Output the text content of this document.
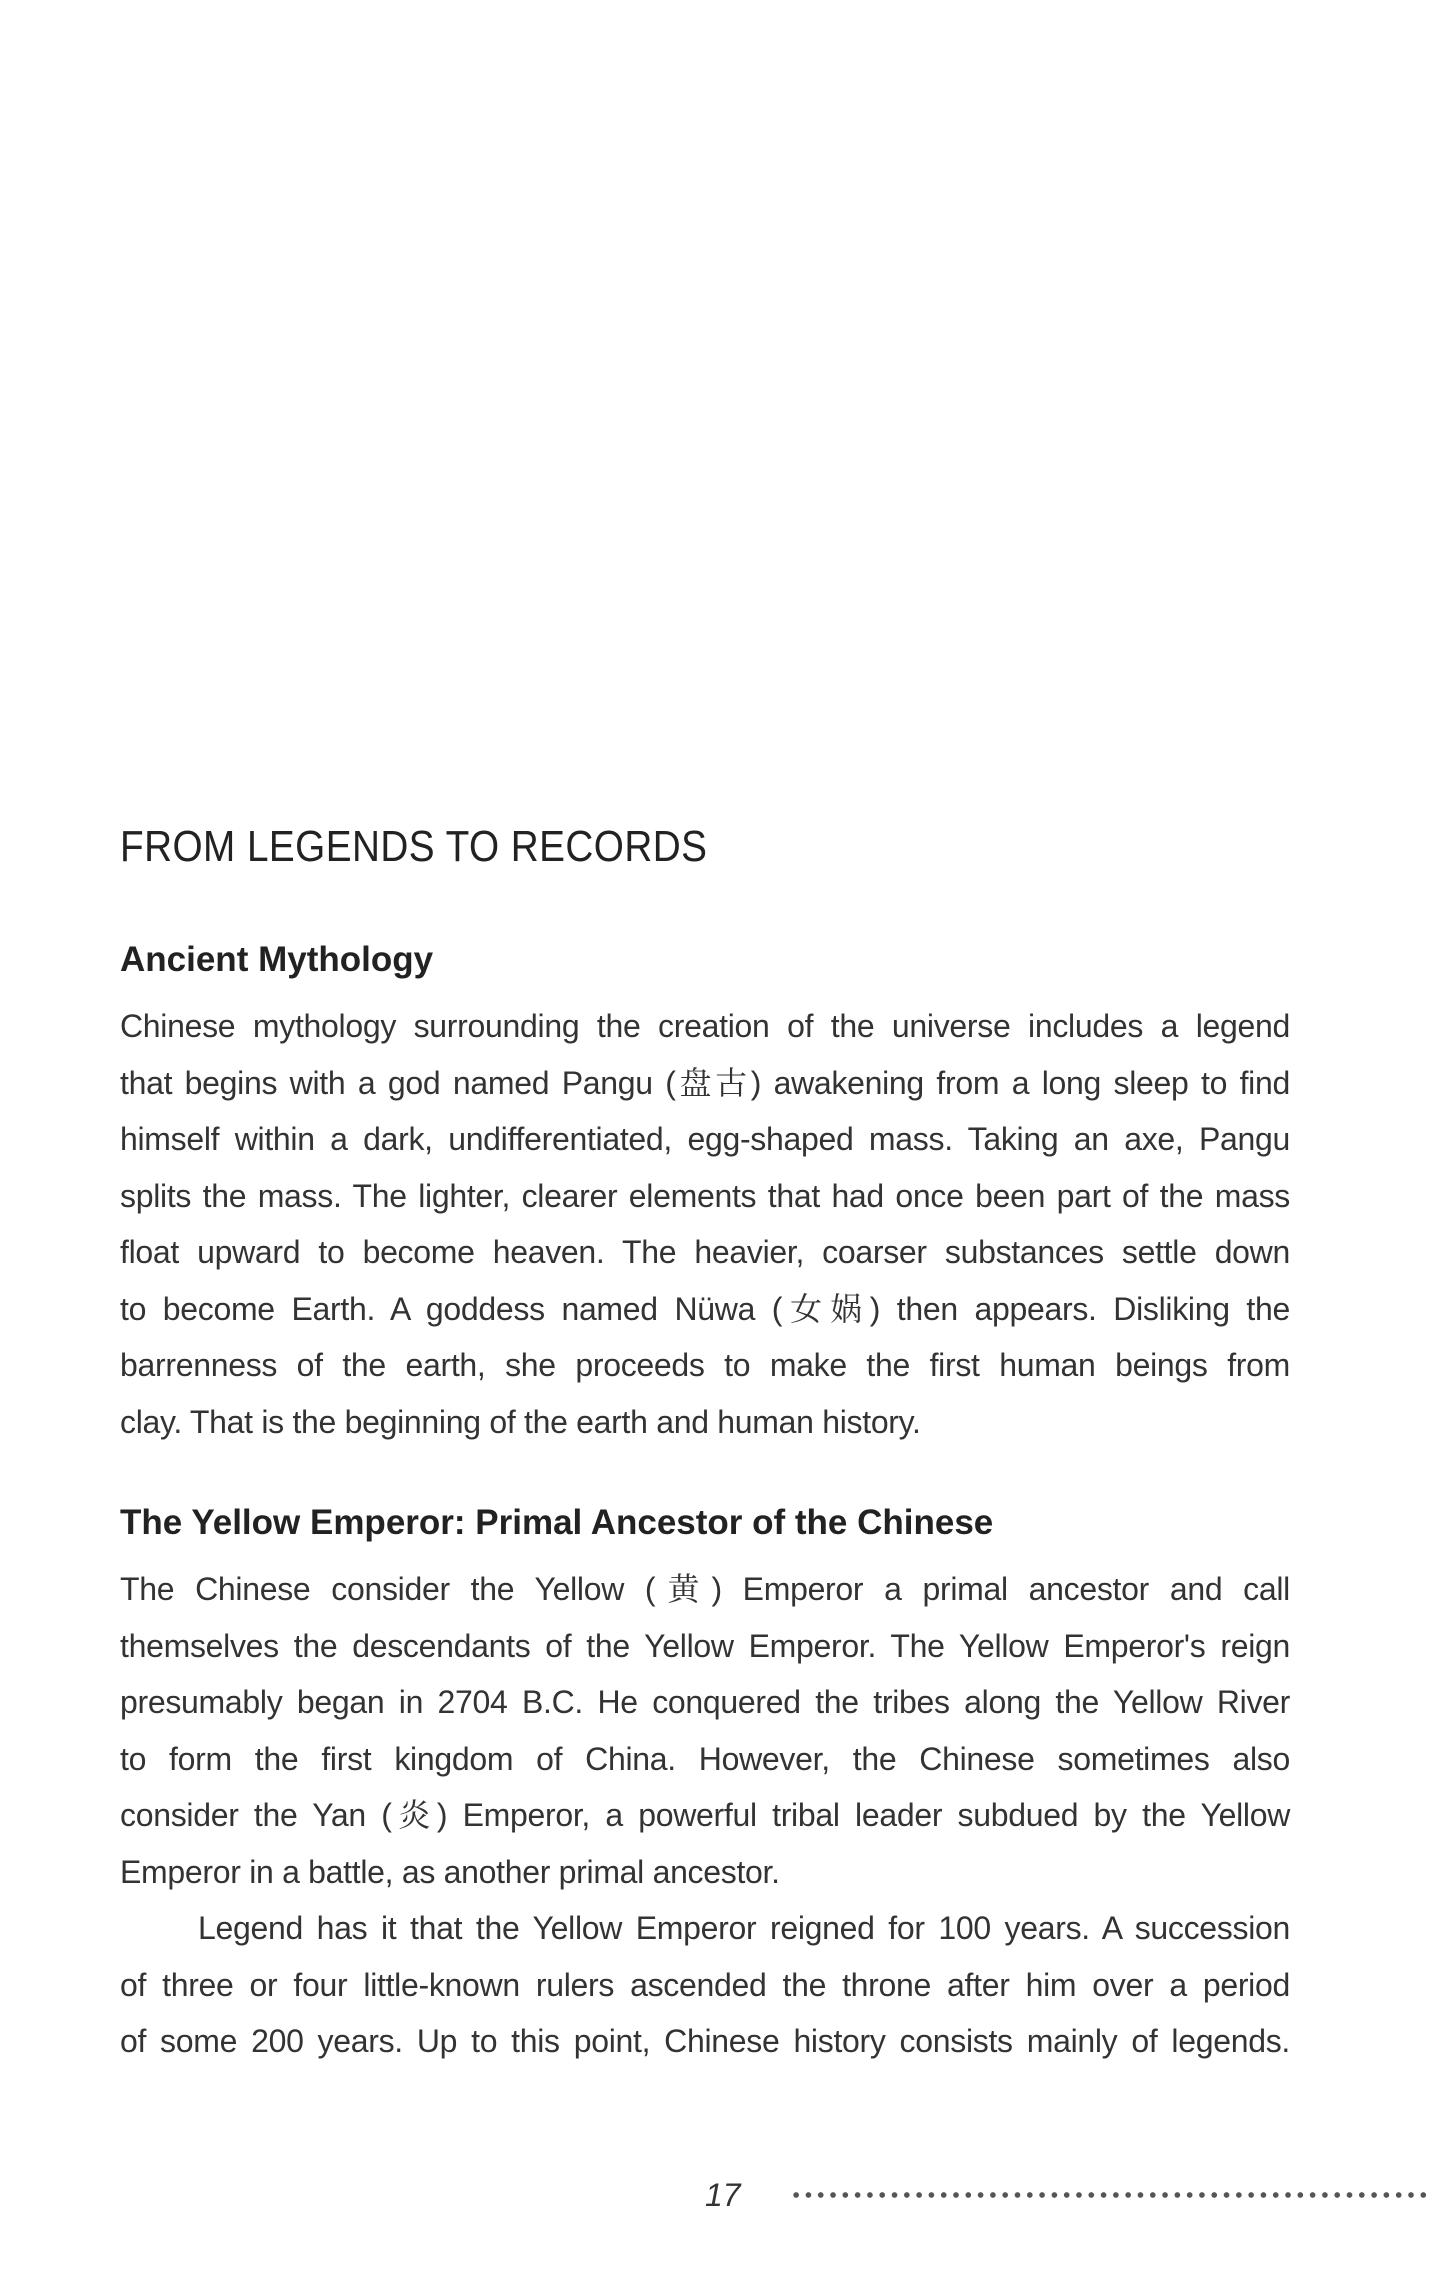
FROM LEGENDS TO RECORDS
Ancient Mythology
Chinese mythology surrounding the creation of the universe includes a legend
that begins with a god named Pangu (盘古) awakening from a long sleep to find
himself within a dark, undifferentiated, egg-shaped mass. Taking an axe, Pangu
splits the mass. The lighter, clearer elements that had once been part of the mass
float upward to become heaven. The heavier, coarser substances settle down
to become Earth. A goddess named Nüwa (女娲) then appears. Disliking the
barrenness of the earth, she proceeds to make the first human beings from
clay. That is the beginning of the earth and human history.
The Yellow Emperor: Primal Ancestor of the Chinese
The Chinese consider the Yellow (黄) Emperor a primal ancestor and call
themselves the descendants of the Yellow Emperor. The Yellow Emperor's reign
presumably began in 2704 B.C. He conquered the tribes along the Yellow River
to form the first kingdom of China. However, the Chinese sometimes also
consider the Yan (炎) Emperor, a powerful tribal leader subdued by the Yellow
Emperor in a battle, as another primal ancestor.
Legend has it that the Yellow Emperor reigned for 100 years. A succession
of three or four little-known rulers ascended the throne after him over a period
of some 200 years. Up to this point, Chinese history consists mainly of legends.
17
